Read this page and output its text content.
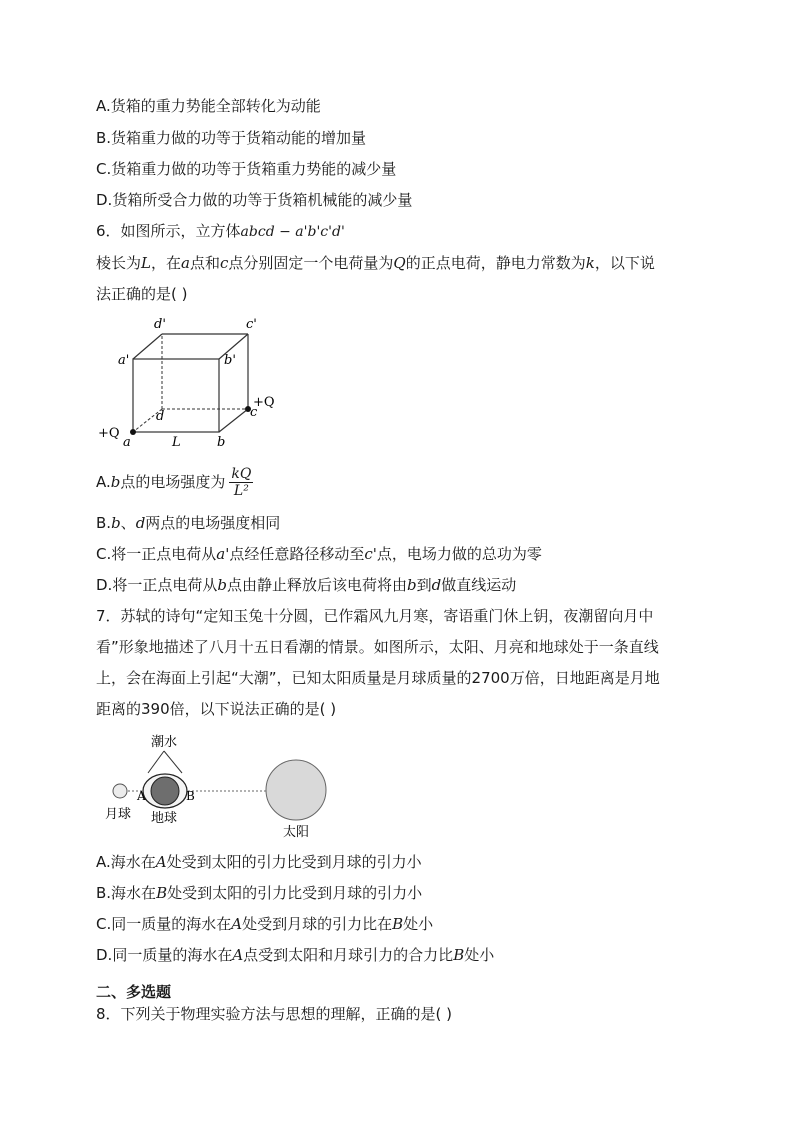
A.货箱的重力势能全部转化为动能
B.货箱重力做的功等于货箱动能的增加量
C.货箱重力做的功等于货箱重力势能的减少量
D.货箱所受合力做的功等于货箱机械能的减少量
6．如图所示，立方体abcd − a'b'c'd'
棱长为L，在a点和c点分别固定一个电荷量为Q的正点电荷，静电力常数为k，以下说
法正确的是( )
d'	c'
a'	b'
d	c
+Q
+Q
a	L	b
A.b点的电场强度为 $\frac{kQ}{\text{L²}}$
B.b、d两点的电场强度相同
C.将一正点电荷从a'点经任意路径移动至c'点，电场力做的总功为零
D.将一正点电荷从b点由静止释放后该电荷将由b到d做直线运动
7．苏轼的诗句“定知玉兔十分圆，已作霜风九月寒，寄语重门休上钥，夜潮留向月中
看”形象地描述了八月十五日看潮的情景。如图所示，太阳、月亮和地球处于一条直线
上，会在海面上引起“大潮”，已知太阳质量是月球质量的2700万倍，日地距离是月地
距离的390倍，以下说法正确的是( )
潮水
月球
A	B
地球
太阳
A.海水在A处受到太阳的引力比受到月球的引力小
B.海水在B处受到太阳的引力比受到月球的引力小
C.同一质量的海水在A处受到月球的引力比在B处小
D.同一质量的海水在A点受到太阳和月球引力的合力比B处小
二、多选题
8．下列关于物理实验方法与思想的理解，正确的是( )
